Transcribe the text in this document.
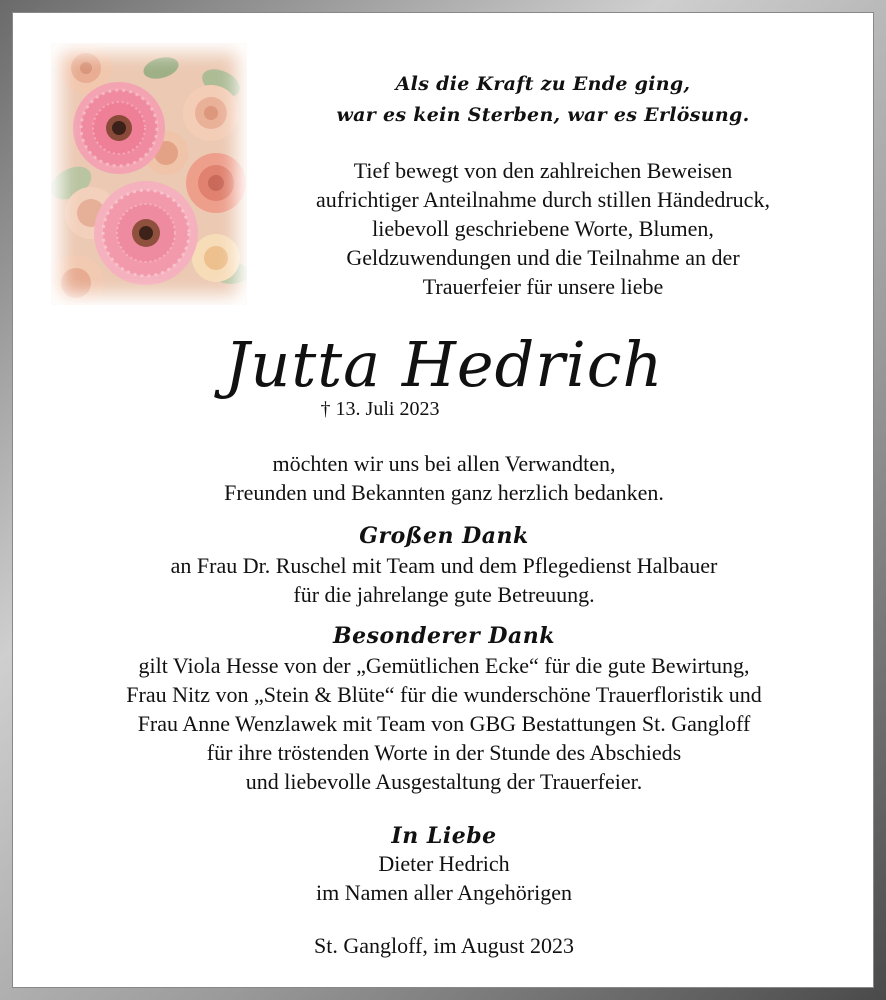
Als die Kraft zu Ende ging,
war es kein Sterben, war es Erlösung.
Tief bewegt von den zahlreichen Beweisen
aufrichtiger Anteilnahme durch stillen Händedruck,
liebevoll geschriebene Worte, Blumen,
Geldzuwendungen und die Teilnahme an der
Trauerfeier für unsere liebe
Jutta Hedrich
† 13. Juli 2023
möchten wir uns bei allen Verwandten,
Freunden und Bekannten ganz herzlich bedanken.
Großen Dank
an Frau Dr. Ruschel mit Team und dem Pflegedienst Halbauer
für die jahrelange gute Betreuung.
Besonderer Dank
gilt Viola Hesse von der „Gemütlichen Ecke“ für die gute Bewirtung,
Frau Nitz von „Stein & Blüte“ für die wunderschöne Trauerfloristik und
Frau Anne Wenzlawek mit Team von GBG Bestattungen St. Gangloff
für ihre tröstenden Worte in der Stunde des Abschieds
und liebevolle Ausgestaltung der Trauerfeier.
In Liebe
Dieter Hedrich
im Namen aller Angehörigen
St. Gangloff, im August 2023
